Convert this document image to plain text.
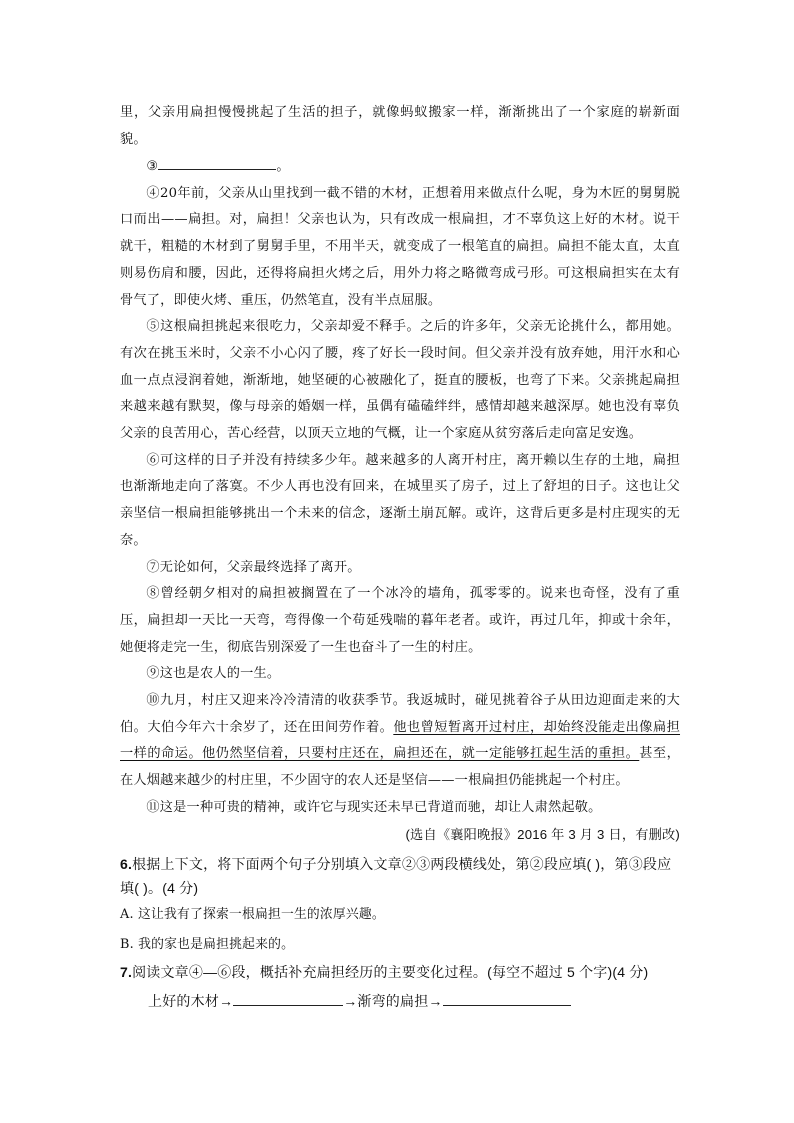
里，父亲用扁担慢慢挑起了生活的担子，就像蚂蚁搬家一样，渐渐挑出了一个家庭的崭新面貌。

③	。

④20年前，父亲从山里找到一截不错的木材，正想着用来做点什么呢，身为木匠的舅舅脱口而出——扁担。对，扁担！父亲也认为，只有改成一根扁担，才不辜负这上好的木材。说干就干，粗糙的木材到了舅舅手里，不用半天，就变成了一根笔直的扁担。扁担不能太直，太直则易伤肩和腰，因此，还得将扁担火烤之后，用外力将之略微弯成弓形。可这根扁担实在太有骨气了，即使火烤、重压，仍然笔直，没有半点屈服。

⑤这根扁担挑起来很吃力，父亲却爱不释手。之后的许多年，父亲无论挑什么，都用她。有次在挑玉米时，父亲不小心闪了腰，疼了好长一段时间。但父亲并没有放弃她，用汗水和心血一点点浸润着她，渐渐地，她坚硬的心被融化了，挺直的腰板，也弯了下来。父亲挑起扁担来越来越有默契，像与母亲的婚姻一样，虽偶有磕磕绊绊，感情却越来越深厚。她也没有辜负父亲的良苦用心，苦心经营，以顶天立地的气概，让一个家庭从贫穷落后走向富足安逸。

⑥可这样的日子并没有持续多少年。越来越多的人离开村庄，离开赖以生存的土地，扁担也渐渐地走向了落寞。不少人再也没有回来，在城里买了房子，过上了舒坦的日子。这也让父亲坚信一根扁担能够挑出一个未来的信念，逐渐土崩瓦解。或许，这背后更多是村庄现实的无奈。

⑦无论如何，父亲最终选择了离开。

⑧曾经朝夕相对的扁担被搁置在了一个冰冷的墙角，孤零零的。说来也奇怪，没有了重压，扁担却一天比一天弯，弯得像一个苟延残喘的暮年老者。或许，再过几年，抑或十余年，她便将走完一生，彻底告别深爱了一生也奋斗了一生的村庄。

⑨这也是农人的一生。

⑩九月，村庄又迎来冷冷清清的收获季节。我返城时，碰见挑着谷子从田边迎面走来的大伯。大伯今年六十余岁了，还在田间劳作着。他也曾短暂离开过村庄，却始终没能走出像扁担一样的命运。他仍然坚信着，只要村庄还在，扁担还在，就一定能够扛起生活的重担。甚至，在人烟越来越少的村庄里，不少固守的农人还是坚信——一根扁担仍能挑起一个村庄。

⑪这是一种可贵的精神，或许它与现实还未早已背道而驰，却让人肃然起敬。

(选自《襄阳晚报》2016 年 3 月 3 日，有删改)

6.根据上下文，将下面两个句子分别填入文章②③两段横线处，第②段应填( )，第③段应填( )。(4 分)

A. 这让我有了探索一根扁担一生的浓厚兴趣。

B. 我的家也是扁担挑起来的。

7.阅读文章④—⑥段，概括补充扁担经历的主要变化过程。(每空不超过 5 个字)(4 分)

上好的木材→	→渐弯的扁担→
